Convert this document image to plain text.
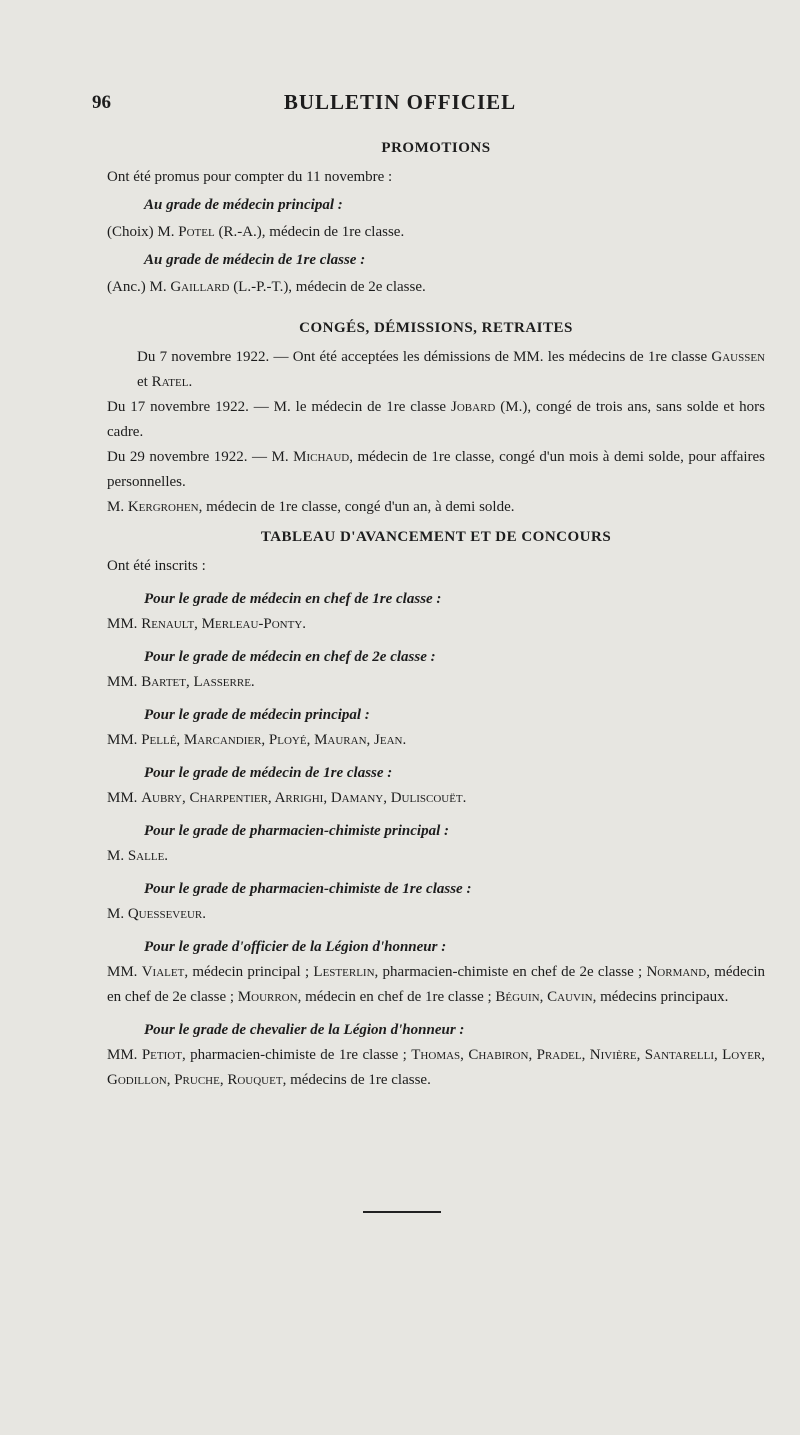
96	BULLETIN OFFICIEL

PROMOTIONS

Ont été promus pour compter du 11 novembre :

Au grade de médecin principal :

(Choix) M. Potel (R.-A.), médecin de 1re classe.

Au grade de médecin de 1re classe :

(Anc.) M. Gaillard (L.-P.-T.), médecin de 2e classe.

CONGÉS, DÉMISSIONS, RETRAITES

Du 7 novembre 1922. — Ont été acceptées les démissions de MM. les médecins de 1re classe Gaussen et Ratel.

Du 17 novembre 1922. — M. le médecin de 1re classe Jobard (M.), congé de trois ans, sans solde et hors cadre.

Du 29 novembre 1922. — M. Michaud, médecin de 1re classe, congé d'un mois à demi solde, pour affaires personnelles.

M. Kergrohen, médecin de 1re classe, congé d'un an, à demi solde.

TABLEAU D'AVANCEMENT ET DE CONCOURS

Ont été inscrits :

Pour le grade de médecin en chef de 1re classe :

MM. Renault, Merleau-Ponty.

Pour le grade de médecin en chef de 2e classe :

MM. Bartet, Lasserre.

Pour le grade de médecin principal :

MM. Pellé, Marcandier, Ployé, Mauran, Jean.

Pour le grade de médecin de 1re classe :

MM. Aubry, Charpentier, Arrighi, Damany, Duliscouët.

Pour le grade de pharmacien-chimiste principal :

M. Salle.

Pour le grade de pharmacien-chimiste de 1re classe :

M. Quesseveur.

Pour le grade d'officier de la Légion d'honneur :

MM. Vialet, médecin principal ; Lesterlin, pharmacien-chimiste en chef de 2e classe ; Normand, médecin en chef de 2e classe ; Mourron, médecin en chef de 1re classe ; Béguin, Cauvin, médecins principaux.

Pour le grade de chevalier de la Légion d'honneur :

MM. Petiot, pharmacien-chimiste de 1re classe ; Thomas, Chabiron, Pradel, Nivière, Santarelli, Loyer, Godillon, Pruche, Rouquet, médecins de 1re classe.
